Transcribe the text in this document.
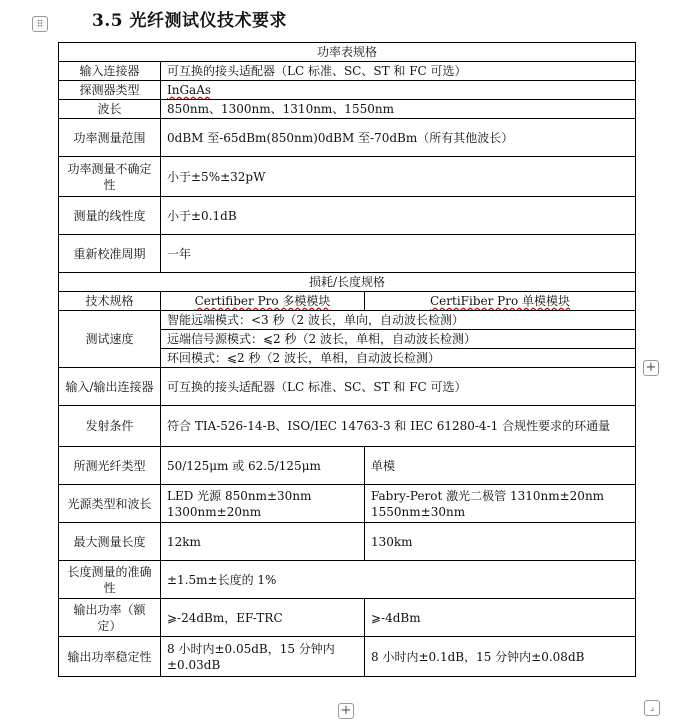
⠿	3.5 光纤测试仪技术要求
功率表规格		
输入连接器	可互换的接头适配器（LC 标准、SC、ST 和 FC 可选）	
探测器类型	InGaAs	
波长	850nm、1300nm、1310nm、1550nm	
功率测量范围	0dBM 至-65dBm(850nm)0dBM 至-70dBm（所有其他波长）	
功率测量不确定性	小于±5%±32pW	
测量的线性度	小于±0.1dB	
重新校准周期	一年	
损耗/长度规格		
技术规格	Certifiber Pro 多模模块	CertiFiber Pro 单模模块
测试速度	智能远端模式：<3 秒（2 波长，单向，自动波长检测）	
	远端信号源模式：⩽2 秒（2 波长，单相，自动波长检测）	
	环回模式：⩽2 秒（2 波长，单相，自动波长检测）	
输入/输出连接器	可互换的接头适配器（LC 标准、SC、ST 和 FC 可选）	
发射条件	符合 TIA-526-14-B、ISO/IEC 14763-3 和 IEC 61280-4-1 合规性要求的环通量	
所测光纤类型	50/125μm 或 62.5/125μm	单模
光源类型和波长	LED 光源 850nm±30nm 1300nm±20nm	Fabry-Perot 激光二极管 1310nm±20nm 1550nm±30nm
最大测量长度	12km	130km
长度测量的准确性	±1.5m±长度的 1%	
输出功率（额定）	⩾-24dBm，EF-TRC	⩾-4dBm
输出功率稳定性	8 小时内±0.05dB，15 分钟内±0.03dB	8 小时内±0.1dB，15 分钟内±0.08dB
+
+	⌟
